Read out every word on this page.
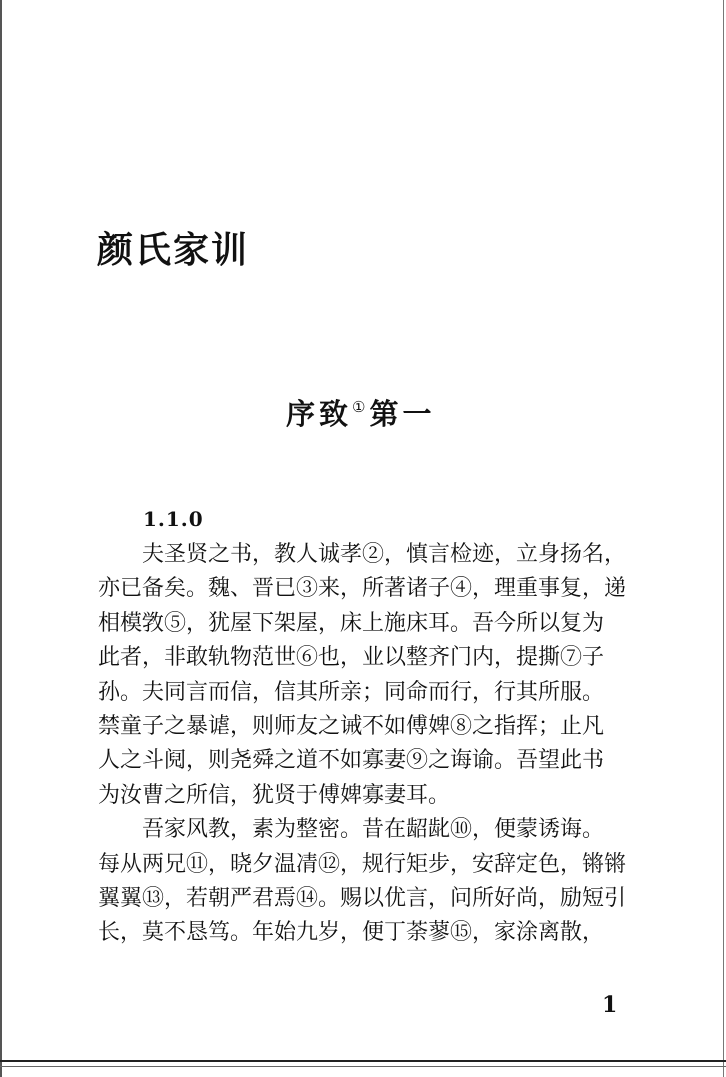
颜氏家训
序致①第一
1.1.0

夫圣贤之书，教人诚孝②，慎言检迹，立身扬名，
亦已备矣。魏、晋已③来，所著诸子④，理重事复，递
相模敩⑤，犹屋下架屋，床上施床耳。吾今所以复为
此者，非敢轨物范世⑥也，业以整齐门内，提撕⑦子
孙。夫同言而信，信其所亲；同命而行，行其所服。
禁童子之暴谑，则师友之诫不如傅婢⑧之指挥；止凡
人之斗阋，则尧舜之道不如寡妻⑨之诲谕。吾望此书
为汝曹之所信，犹贤于傅婢寡妻耳。

吾家风教，素为整密。昔在龆龀⑩，便蒙诱诲。
每从两兄⑪，晓夕温凊⑫，规行矩步，安辞定色，锵锵
翼翼⑬，若朝严君焉⑭。赐以优言，问所好尚，励短引
长，莫不恳笃。年始九岁，便丁荼蓼⑮，家涂离散，

1
